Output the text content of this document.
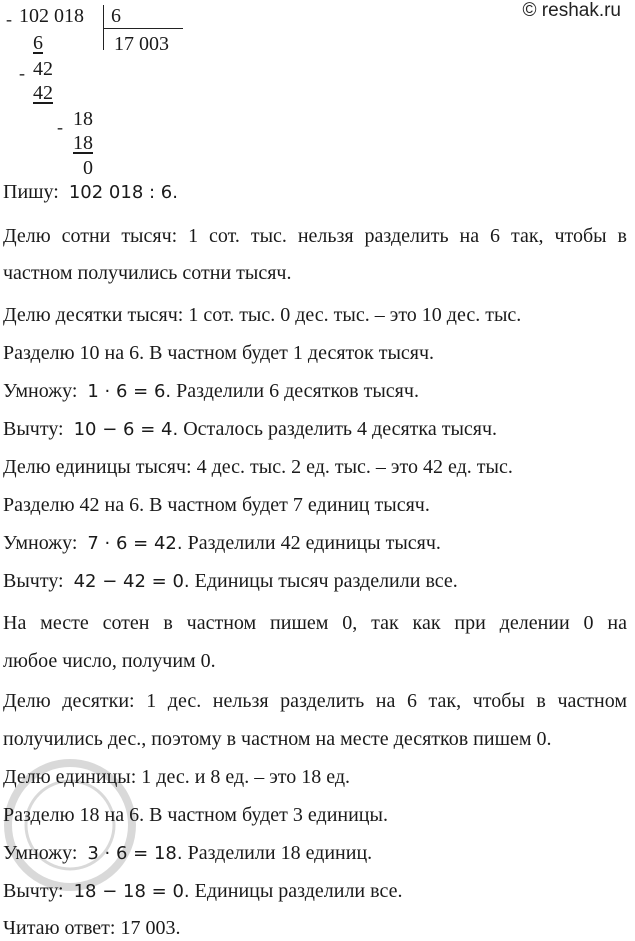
© reshak.ru
- 102 018 6
17 003
6
- 42
42
- 18
18
0
Пишу: 102 018 : 6.
Делю сотни тысяч: 1 сот. тыс. нельзя разделить на 6 так, чтобы в
частном получились сотни тысяч.
Делю десятки тысяч: 1 сот. тыс. 0 дес. тыс. – это 10 дес. тыс.
Разделю 10 на 6. В частном будет 1 десяток тысяч.
Умножу: 1 · 6 = 6. Разделили 6 десятков тысяч.
Вычту: 10 − 6 = 4. Осталось разделить 4 десятка тысяч.
Делю единицы тысяч: 4 дес. тыс. 2 ед. тыс. – это 42 ед. тыс.
Разделю 42 на 6. В частном будет 7 единиц тысяч.
Умножу: 7 · 6 = 42. Разделили 42 единицы тысяч.
Вычту: 42 − 42 = 0. Единицы тысяч разделили все.
На месте сотен в частном пишем 0, так как при делении 0 на
любое число, получим 0.
Делю десятки: 1 дес. нельзя разделить на 6 так, чтобы в частном
получились дес., поэтому в частном на месте десятков пишем 0.
Делю единицы: 1 дес. и 8 ед. – это 18 ед.
Разделю 18 на 6. В частном будет 3 единицы.
Умножу: 3 · 6 = 18. Разделили 18 единиц.
Вычту: 18 − 18 = 0. Единицы разделили все.
Читаю ответ: 17 003.
